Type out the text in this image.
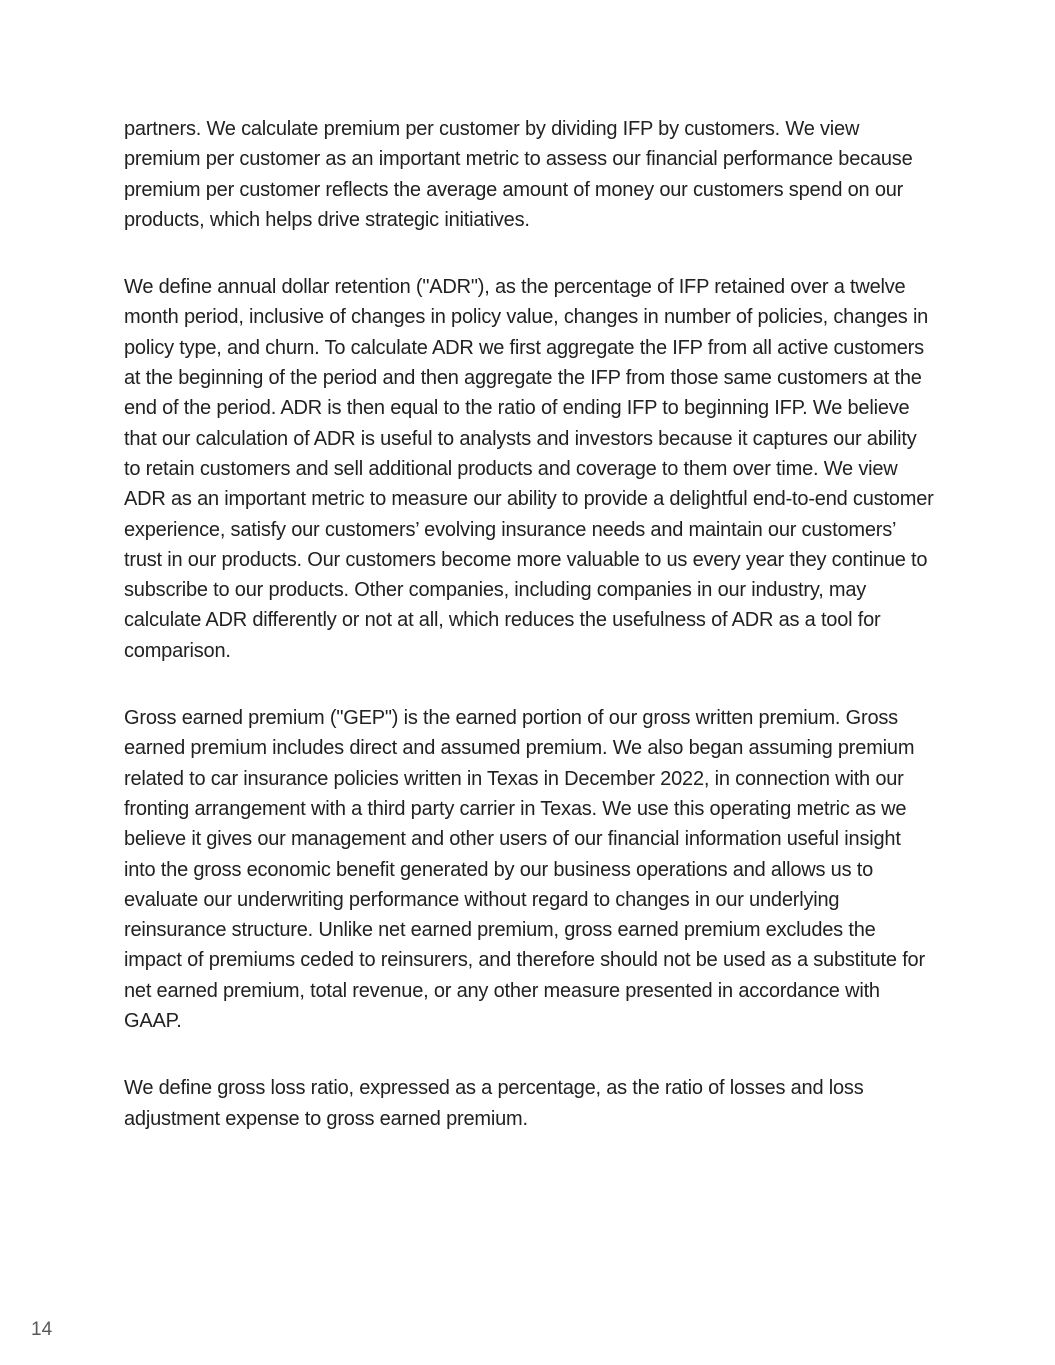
partners. We calculate premium per customer by dividing IFP by customers. We view premium per customer as an important metric to assess our financial performance because premium per customer reflects the average amount of money our customers spend on our products, which helps drive strategic initiatives.

We define annual dollar retention ("ADR"), as the percentage of IFP retained over a twelve month period, inclusive of changes in policy value, changes in number of policies, changes in policy type, and churn. To calculate ADR we first aggregate the IFP from all active customers at the beginning of the period and then aggregate the IFP from those same customers at the end of the period. ADR is then equal to the ratio of ending IFP to beginning IFP. We believe that our calculation of ADR is useful to analysts and investors because it captures our ability to retain customers and sell additional products and coverage to them over time. We view ADR as an important metric to measure our ability to provide a delightful end-to-end customer experience, satisfy our customers’ evolving insurance needs and maintain our customers’ trust in our products. Our customers become more valuable to us every year they continue to subscribe to our products. Other companies, including companies in our industry, may calculate ADR differently or not at all, which reduces the usefulness of ADR as a tool for comparison.

Gross earned premium ("GEP") is the earned portion of our gross written premium. Gross earned premium includes direct and assumed premium. We also began assuming premium related to car insurance policies written in Texas in December 2022, in connection with our fronting arrangement with a third party carrier in Texas. We use this operating metric as we believe it gives our management and other users of our financial information useful insight into the gross economic benefit generated by our business operations and allows us to evaluate our underwriting performance without regard to changes in our underlying reinsurance structure. Unlike net earned premium, gross earned premium excludes the impact of premiums ceded to reinsurers, and therefore should not be used as a substitute for net earned premium, total revenue, or any other measure presented in accordance with GAAP.

We define gross loss ratio, expressed as a percentage, as the ratio of losses and loss adjustment expense to gross earned premium.

14
